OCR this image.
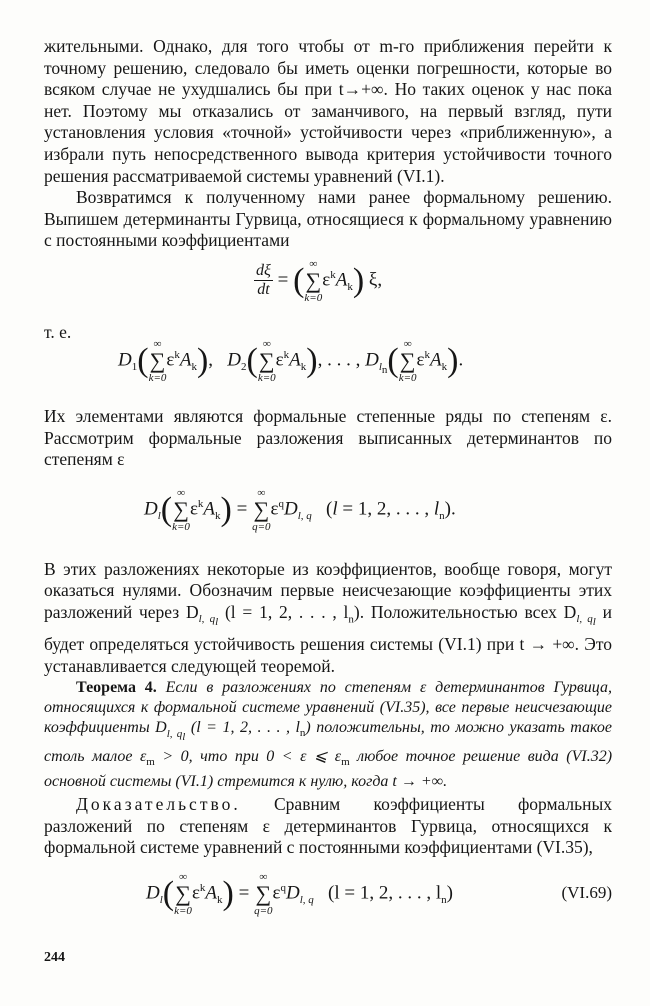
жительными. Однако, для того чтобы от m-го приближения перейти к точному решению, следовало бы иметь оценки погрешности, которые во всяком случае не ухудшались бы при t→+∞. Но таких оценок у нас пока нет. Поэтому мы отказались от заманчивого, на первый взгляд, пути установления условия «точной» устойчивости через «приближенную», а избрали путь непосредственного вывода критерия устойчивости точного решения рассматриваемой системы уравнений (VI.1).

Возвратимся к полученному нами ранее формальному решению. Выпишем детерминанты Гурвица, относящиеся к формальному уравнению с постоянными коэффициентами

$\frac{d\xi}{dt}$ = ( ∞
∑
k=0
$\varepsilon^kA_k$) ξ,

т. е.

$D_1$( ∞
∑
k=0
$\varepsilon^kA_k$),   $D_2$( ∞
∑
k=0
$\varepsilon^kA_k$), . . . , $D_{l_n}$( ∞
∑
k=0
$\varepsilon^kA_k$).

Их элементами являются формальные степенные ряды по степеням ε. Рассмотрим формальные разложения выписанных детерминантов по степеням ε

$D_l$( ∞
∑
k=0
$\varepsilon^kA_k$) =
∞
∑
q=0
$\varepsilon^qD_{l, q}$   (l = 1, 2, . . . , $l_n$).

В этих разложениях некоторые из коэффициентов, вообще говоря, могут оказаться нулями. Обозначим первые неисчезающие коэффициенты этих разложений через $D_{l, q_l}$ (l = 1, 2, . . . , $l_n$). Положительностью всех $D_{l, q_l}$ и будет определяться устойчивость решения системы (VI.1) при t → +∞. Это устанавливается следующей теоремой.

Теорема 4. Если в разложениях по степеням ε детерминантов Гурвица, относящихся к формальной системе уравнений (VI.35), все первые неисчезающие коэффициенты $D_{l, q_l}$ (l = 1, 2, . . . , $l_n$) положительны, то можно указать такое столь малое $\varepsilon_m > 0$, что при 0 < ε ⩽ $\varepsilon_m$ любое точное решение вида (VI.32) основной системы (VI.1) стремится к нулю, когда t → +∞.

Доказательство. Сравним коэффициенты формальных разложений по степеням ε детерминантов Гурвица, относящихся к формальной системе уравнений с постоянными коэффициентами (VI.35),

$D_l$( ∞
∑
k=0
$\varepsilon^kA_k$) =
∞
∑
q=0
$\varepsilon^qD_{l, q}$ (l = 1, 2, . . . , $l_n$)	(VI.69)
244
